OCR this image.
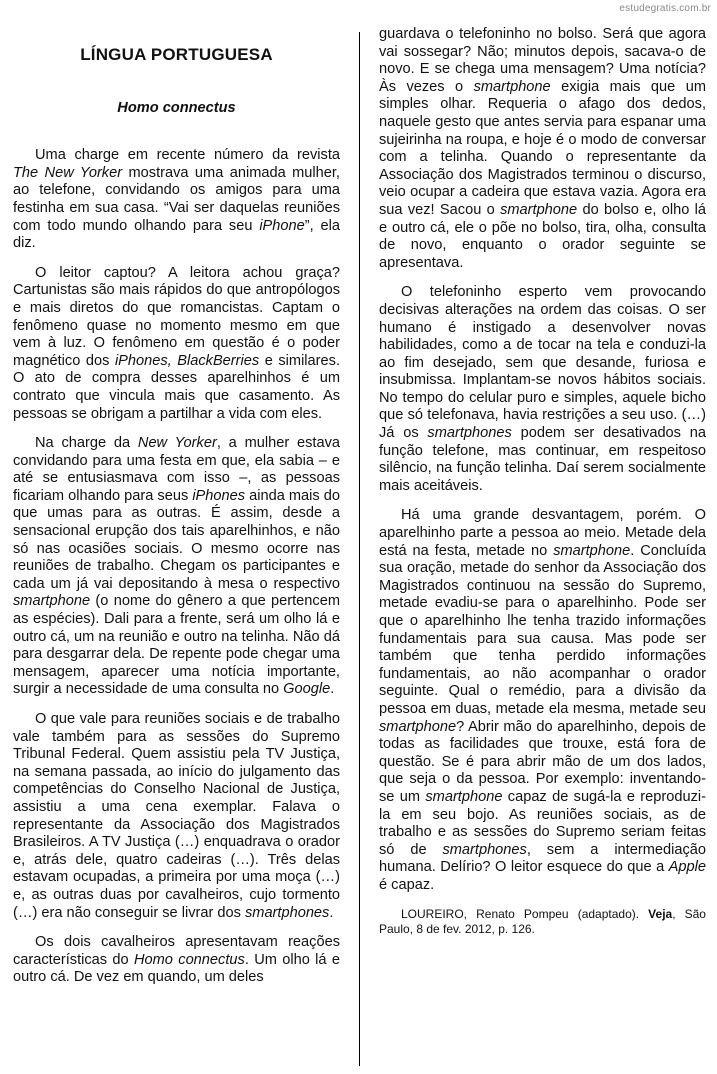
estudegratis.com.br
LÍNGUA PORTUGUESA
Homo connectus

Uma charge em recente número da revista The New Yorker mostrava uma animada mulher, ao telefone, convidando os amigos para uma festinha em sua casa. “Vai ser daquelas reuniões com todo mundo olhando para seu iPhone”, ela diz.

O leitor captou? A leitora achou graça? Cartunistas são mais rápidos do que antropólogos e mais diretos do que romancistas. Captam o fenômeno quase no momento mesmo em que vem à luz. O fenômeno em questão é o poder magnético dos iPhones, BlackBerries e similares. O ato de compra desses aparelhinhos é um contrato que vincula mais que casamento. As pessoas se obrigam a partilhar a vida com eles.

Na charge da New Yorker, a mulher estava convidando para uma festa em que, ela sabia – e até se entusiasmava com isso –, as pessoas ficariam olhando para seus iPhones ainda mais do que umas para as outras. É assim, desde a sensacional erupção dos tais aparelhinhos, e não só nas ocasiões sociais. O mesmo ocorre nas reuniões de trabalho. Chegam os participantes e cada um já vai depositando à mesa o respectivo smartphone (o nome do gênero a que pertencem as espécies). Dali para a frente, será um olho lá e outro cá, um na reunião e outro na telinha. Não dá para desgarrar dela. De repente pode chegar uma mensagem, aparecer uma notícia importante, surgir a necessidade de uma consulta no Google.

O que vale para reuniões sociais e de trabalho vale também para as sessões do Supremo Tribunal Federal. Quem assistiu pela TV Justiça, na semana passada, ao início do julgamento das competências do Conselho Nacional de Justiça, assistiu a uma cena exemplar. Falava o representante da Associação dos Magistrados Brasileiros. A TV Justiça (…) enquadrava o orador e, atrás dele, quatro cadeiras (…). Três delas estavam ocupadas, a primeira por uma moça (…) e, as outras duas por cavalheiros, cujo tormento (…) era não conseguir se livrar dos smartphones.

Os dois cavalheiros apresentavam reações características do Homo connectus. Um olho lá e outro cá. De vez em quando, um deles

guardava o telefoninho no bolso. Será que agora vai sossegar? Não; minutos depois, sacava-o de novo. E se chega uma mensagem? Uma notícia? Às vezes o smartphone exigia mais que um simples olhar. Requeria o afago dos dedos, naquele gesto que antes servia para espanar uma sujeirinha na roupa, e hoje é o modo de conversar com a telinha. Quando o representante da Associação dos Magistrados terminou o discurso, veio ocupar a cadeira que estava vazia. Agora era sua vez! Sacou o smartphone do bolso e, olho lá e outro cá, ele o põe no bolso, tira, olha, consulta de novo, enquanto o orador seguinte se apresentava.

O telefoninho esperto vem provocando decisivas alterações na ordem das coisas. O ser humano é instigado a desenvolver novas habilidades, como a de tocar na tela e conduzi-la ao fim desejado, sem que desande, furiosa e insubmissa. Implantam-se novos hábitos sociais. No tempo do celular puro e simples, aquele bicho que só telefonava, havia restrições a seu uso. (…) Já os smartphones podem ser desativados na função telefone, mas continuar, em respeitoso silêncio, na função telinha. Daí serem socialmente mais aceitáveis.

Há uma grande desvantagem, porém. O aparelhinho parte a pessoa ao meio. Metade dela está na festa, metade no smartphone. Concluída sua oração, metade do senhor da Associação dos Magistrados continuou na sessão do Supremo, metade evadiu-se para o aparelhinho. Pode ser que o aparelhinho lhe tenha trazido informações fundamentais para sua causa. Mas pode ser também que tenha perdido informações fundamentais, ao não acompanhar o orador seguinte. Qual o remédio, para a divisão da pessoa em duas, metade ela mesma, metade seu smartphone? Abrir mão do aparelhinho, depois de todas as facilidades que trouxe, está fora de questão. Se é para abrir mão de um dos lados, que seja o da pessoa. Por exemplo: inventando-se um smartphone capaz de sugá-la e reproduzi-la em seu bojo. As reuniões sociais, as de trabalho e as sessões do Supremo seriam feitas só de smartphones, sem a intermediação humana. Delírio? O leitor esquece do que a Apple é capaz.

LOUREIRO, Renato Pompeu (adaptado). Veja, São Paulo, 8 de fev. 2012, p. 126.
